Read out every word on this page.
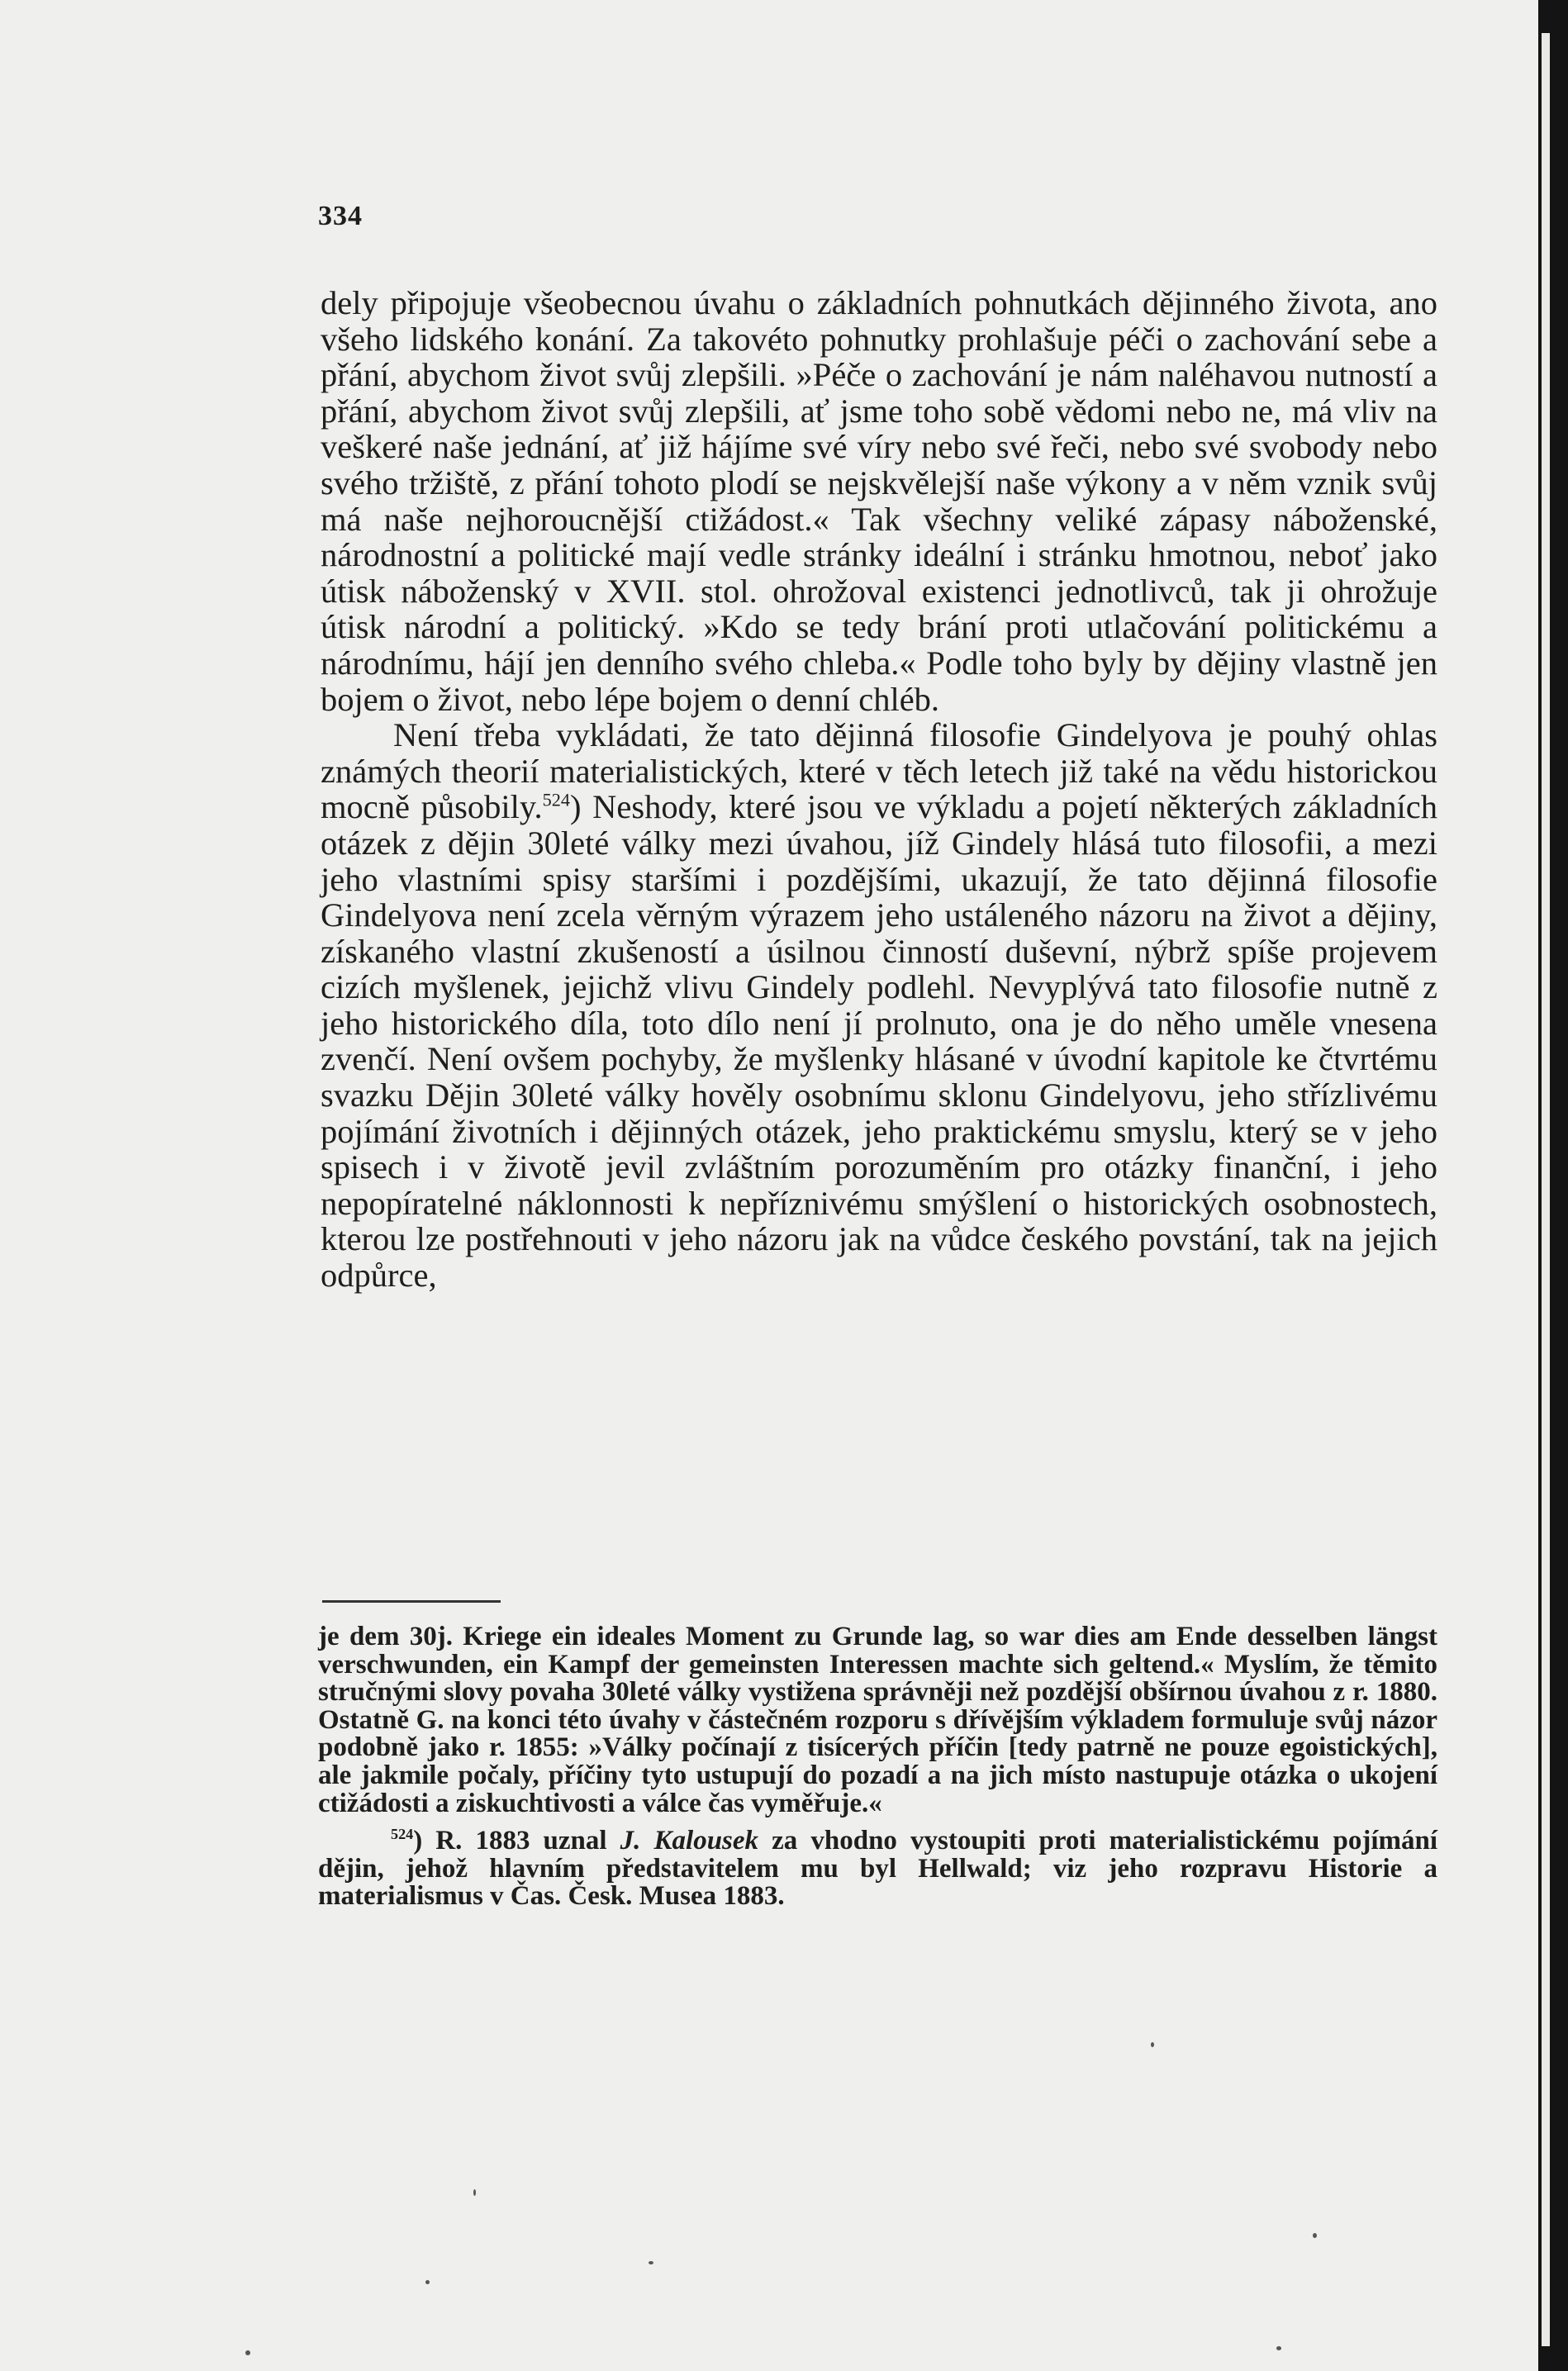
334

dely připojuje všeobecnou úvahu o základních pohnutkách dějinného života, ano všeho lidského konání. Za takovéto pohnutky prohlašuje péči o zachování sebe a přání, abychom život svůj zlepšili. »Péče o zachování je nám naléhavou nutností a přání, abychom život svůj zlepšili, ať jsme toho sobě vědomi nebo ne, má vliv na veškeré naše jednání, ať již hájíme své víry nebo své řeči, nebo své svobody nebo svého tržiště, z přání tohoto plodí se nejskvělejší naše výkony a v něm vznik svůj má naše nejhoroucnější ctižádost.« Tak všechny veliké zápasy náboženské, národnostní a politické mají vedle stránky ideální i stránku hmotnou, neboť jako útisk náboženský v XVII. stol. ohrožoval existenci jednotlivců, tak ji ohrožuje útisk národní a politický. »Kdo se tedy brání proti utlačování politickému a národnímu, hájí jen denního svého chleba.« Podle toho byly by dějiny vlastně jen bojem o život, nebo lépe bojem o denní chléb.

Není třeba vykládati, že tato dějinná filosofie Gindelyova je pouhý ohlas známých theorií materialistických, které v těch letech již také na vědu historickou mocně působily.$^{524}$) Neshody, které jsou ve výkladu a pojetí některých základních otázek z dějin 30leté války mezi úvahou, jíž Gindely hlásá tuto filosofii, a mezi jeho vlastními spisy staršími i pozdějšími, ukazují, že tato dějinná filosofie Gindelyova není zcela věrným výrazem jeho ustáleného názoru na život a dějiny, získaného vlastní zkušeností a úsilnou činností duševní, nýbrž spíše projevem cizích myšlenek, jejichž vlivu Gindely podlehl. Nevyplývá tato filosofie nutně z jeho historického díla, toto dílo není jí prolnuto, ona je do něho uměle vnesena zvenčí. Není ovšem pochyby, že myšlenky hlásané v úvodní kapitole ke čtvrtému svazku Dějin 30leté války hověly osobnímu sklonu Gindelyovu, jeho střízlivému pojímání životních i dějinných otázek, jeho praktickému smyslu, který se v jeho spisech i v životě jevil zvláštním porozuměním pro otázky finanční, i jeho nepopíratelné náklonnosti k nepříznivému smýšlení o historických osobnostech, kterou lze postřehnouti v jeho názoru jak na vůdce českého povstání, tak na jejich odpůrce,

je dem 30j. Kriege ein ideales Moment zu Grunde lag, so war dies am Ende desselben längst verschwunden, ein Kampf der gemeinsten Interessen machte sich geltend.« Myslím, že těmito stručnými slovy povaha 30leté války vystižena správněji než pozdější obšírnou úvahou z r. 1880. Ostatně G. na konci této úvahy v částečném rozporu s dřívějším výkladem formuluje svůj názor podobně jako r. 1855: »Války počínají z tisícerých příčin [tedy patrně ne pouze egoistických], ale jakmile počaly, příčiny tyto ustupují do pozadí a na jich místo nastupuje otázka o ukojení ctižádosti a ziskuchtivosti a válce čas vyměřuje.«

$^{524}$) R. 1883 uznal J. Kalousek za vhodno vystoupiti proti materialistickému pojímání dějin, jehož hlavním představitelem mu byl Hellwald; viz jeho rozpravu Historie a materialismus v Čas. Česk. Musea 1883.
